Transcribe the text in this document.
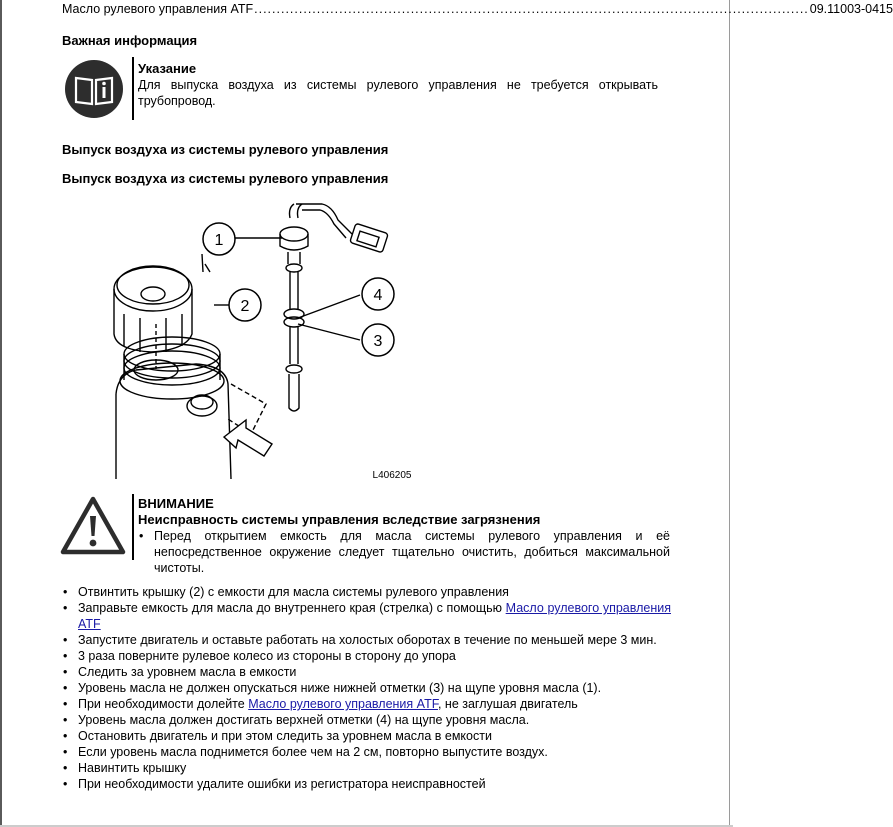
Масло рулевого управления ATF ............................................................................................................................ 09.11003-0415
Важная информация
Указание
Для выпуска воздуха из системы рулевого управления не требуется открывать трубопровод.
Выпуск воздуха из системы рулевого управления
Выпуск воздуха из системы рулевого управления
1
2
3
4
L406205
ВНИМАНИЕ
Неисправность системы управления вследствие загрязнения
• Перед открытием емкость для масла системы рулевого управления и её непосредственное окружение следует тщательно очистить, добиться максимальной чистоты.
• Отвинтить крышку (2) с емкости для масла системы рулевого управления
• Заправьте емкость для масла до внутреннего края (стрелка) с помощью Масло рулевого управления ATF
• Запустите двигатель и оставьте работать на холостых оборотах в течение по меньшей мере 3 мин.
• 3 раза поверните рулевое колесо из стороны в сторону до упора
• Следить за уровнем масла в емкости
• Уровень масла не должен опускаться ниже нижней отметки (3) на щупе уровня масла (1).
• При необходимости долейте Масло рулевого управления ATF, не заглушая двигатель
• Уровень масла должен достигать верхней отметки (4) на щупе уровня масла.
• Остановить двигатель и при этом следить за уровнем масла в емкости
• Если уровень масла поднимется более чем на 2 см, повторно выпустите воздух.
• Навинтить крышку
• При необходимости удалите ошибки из регистратора неисправностей
